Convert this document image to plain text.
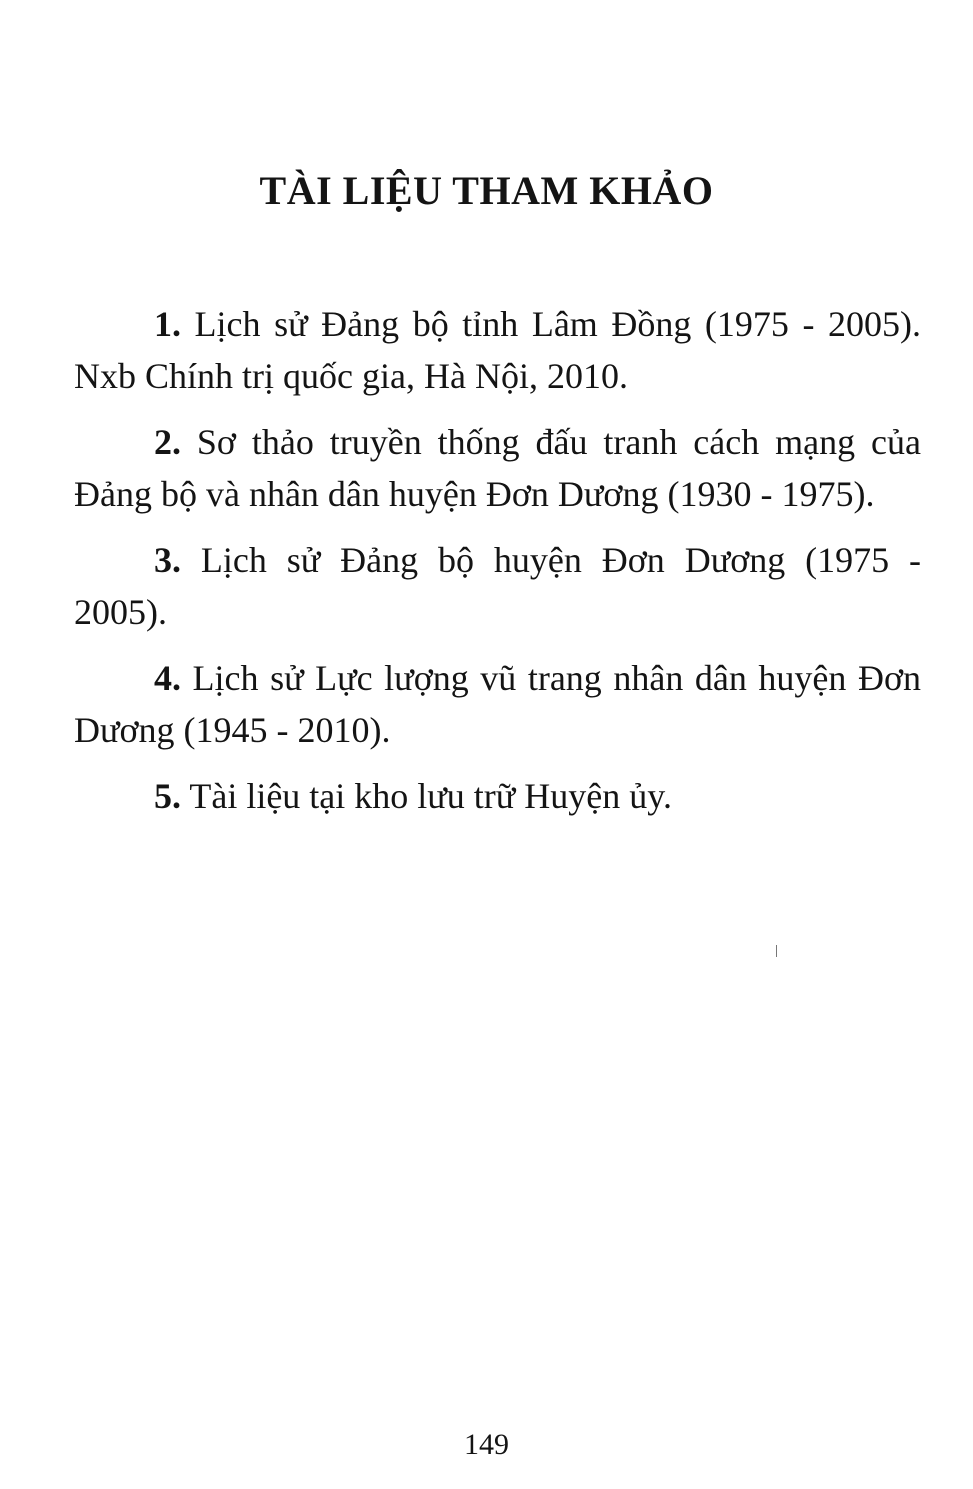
TÀI LIỆU THAM KHẢO

1. Lịch sử Đảng bộ tỉnh Lâm Đồng (1975 - 2005). Nxb Chính trị quốc gia, Hà Nội, 2010.

2. Sơ thảo truyền thống đấu tranh cách mạng của Đảng bộ và nhân dân huyện Đơn Dương (1930 - 1975).

3. Lịch sử Đảng bộ huyện Đơn Dương (1975 - 2005).

4. Lịch sử Lực lượng vũ trang nhân dân huyện Đơn Dương (1945 - 2010).

5. Tài liệu tại kho lưu trữ Huyện ủy.

149
